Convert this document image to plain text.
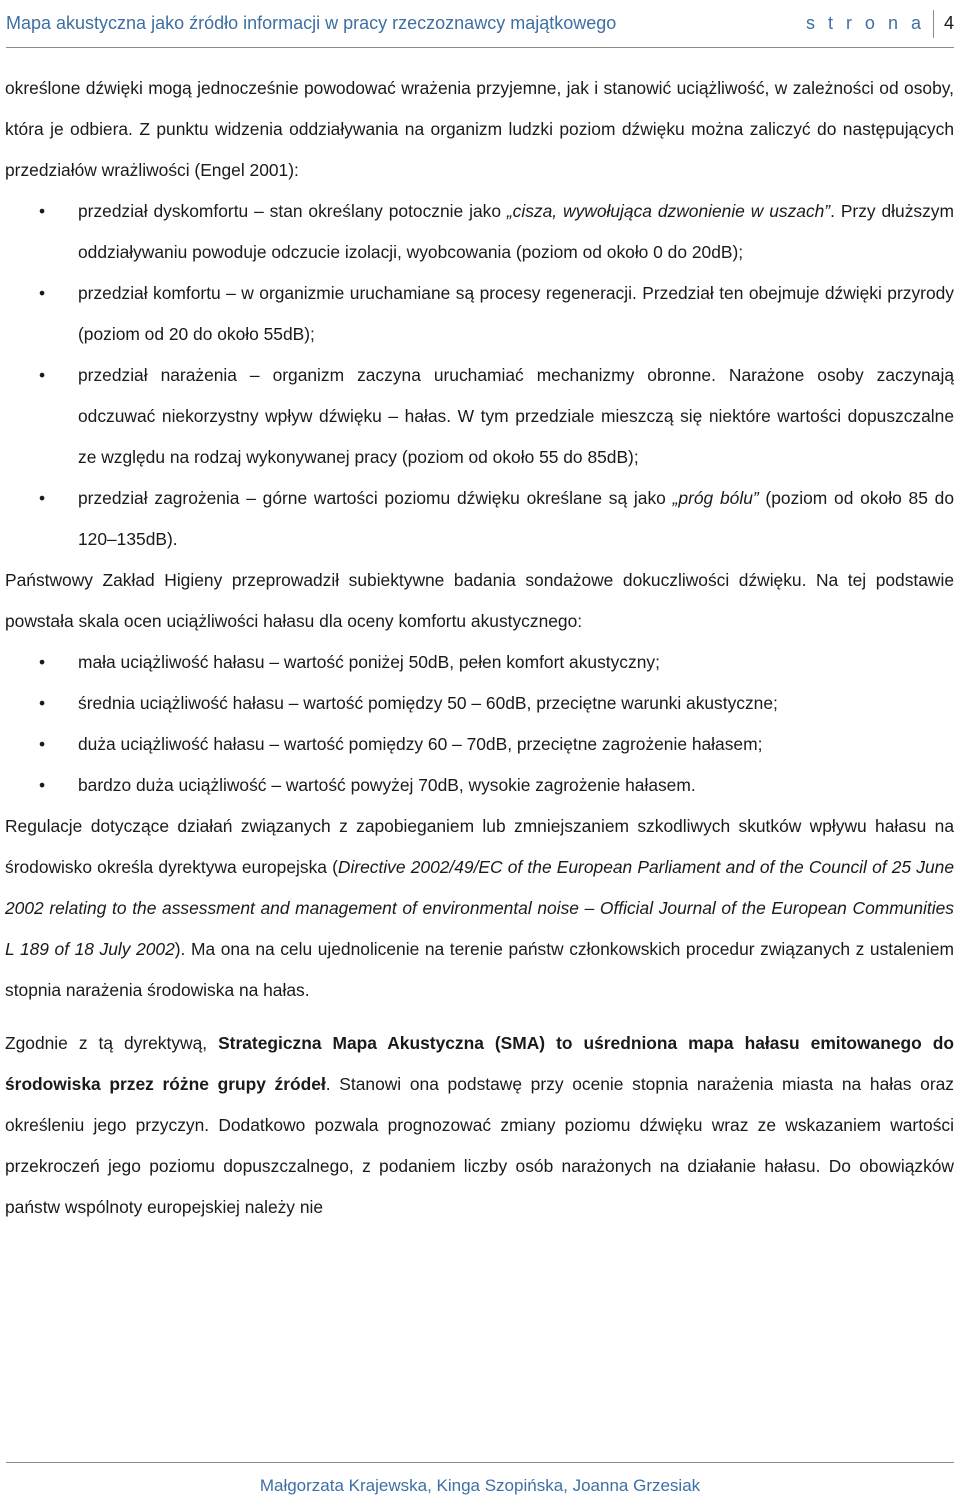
Mapa akustyczna jako źródło informacji w pracy rzeczoznawcy majątkowego	s t r o n a 4

określone dźwięki mogą jednocześnie powodować wrażenia przyjemne, jak i stanowić uciążliwość, w zależności od osoby, która je odbiera. Z punktu widzenia oddziaływania na organizm ludzki poziom dźwięku można zaliczyć do następujących przedziałów wrażliwości (Engel 2001):

• przedział dyskomfortu – stan określany potocznie jako „cisza, wywołująca dzwonienie w uszach”. Przy dłuższym oddziaływaniu powoduje odczucie izolacji, wyobcowania (poziom od około 0 do 20dB);
• przedział komfortu – w organizmie uruchamiane są procesy regeneracji. Przedział ten obejmuje dźwięki przyrody (poziom od 20 do około 55dB);
• przedział narażenia – organizm zaczyna uruchamiać mechanizmy obronne. Narażone osoby zaczynają odczuwać niekorzystny wpływ dźwięku – hałas. W tym przedziale mieszczą się niektóre wartości dopuszczalne ze względu na rodzaj wykonywanej pracy (poziom od około 55 do 85dB);
• przedział zagrożenia – górne wartości poziomu dźwięku określane są jako „próg bólu” (poziom od około 85 do 120–135dB).

Państwowy Zakład Higieny przeprowadził subiektywne badania sondażowe dokuczliwości dźwięku. Na tej podstawie powstała skala ocen uciążliwości hałasu dla oceny komfortu akustycznego:

• mała uciążliwość hałasu – wartość poniżej 50dB, pełen komfort akustyczny;
• średnia uciążliwość hałasu – wartość pomiędzy 50 – 60dB, przeciętne warunki akustyczne;
• duża uciążliwość hałasu – wartość pomiędzy 60 – 70dB, przeciętne zagrożenie hałasem;
• bardzo duża uciążliwość – wartość powyżej 70dB, wysokie zagrożenie hałasem.

Regulacje dotyczące działań związanych z zapobieganiem lub zmniejszaniem szkodliwych skutków wpływu hałasu na środowisko określa dyrektywa europejska (Directive 2002/49/EC of the European Parliament and of the Council of 25 June 2002 relating to the assessment and management of environmental noise – Official Journal of the European Communities L 189 of 18 July 2002). Ma ona na celu ujednolicenie na terenie państw członkowskich procedur związanych z ustaleniem stopnia narażenia środowiska na hałas.

Zgodnie z tą dyrektywą, Strategiczna Mapa Akustyczna (SMA) to uśredniona mapa hałasu emitowanego do środowiska przez różne grupy źródeł. Stanowi ona podstawę przy ocenie stopnia narażenia miasta na hałas oraz określeniu jego przyczyn. Dodatkowo pozwala prognozować zmiany poziomu dźwięku wraz ze wskazaniem wartości przekroczeń jego poziomu dopuszczalnego, z podaniem liczby osób narażonych na działanie hałasu. Do obowiązków państw wspólnoty europejskiej należy nie

Małgorzata Krajewska, Kinga Szopińska, Joanna Grzesiak
